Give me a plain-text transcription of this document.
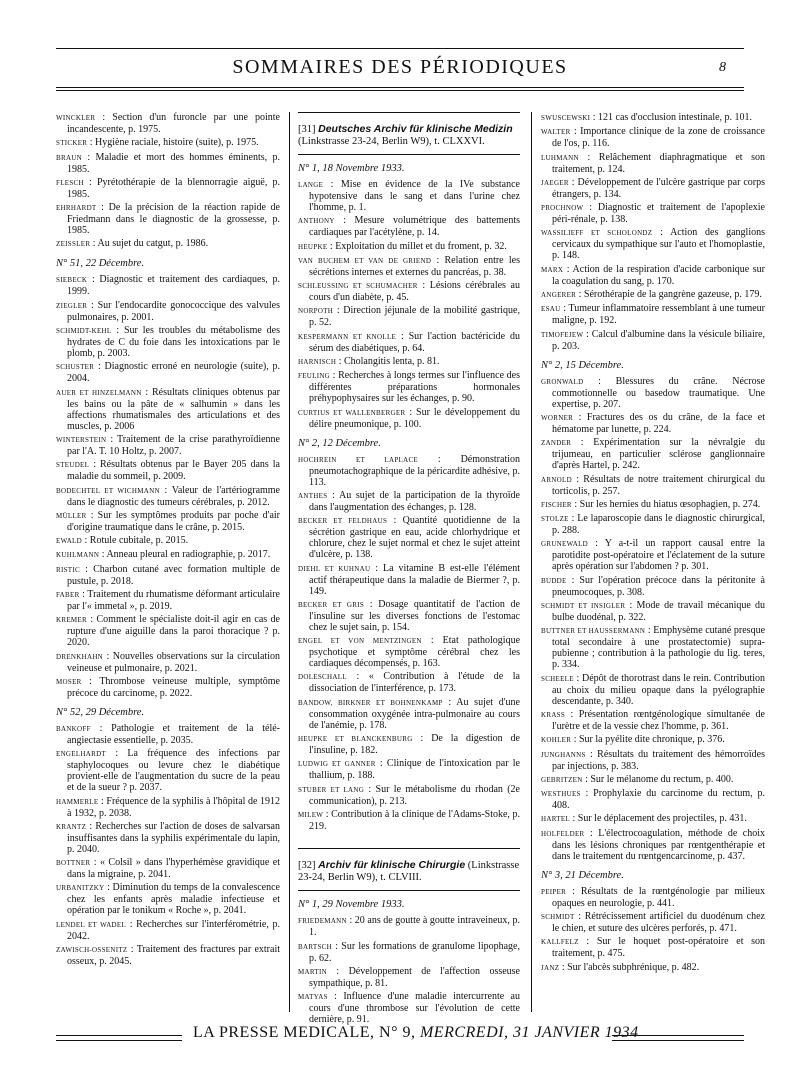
SOMMAIRES DES PÉRIODIQUES	8
WINCKLER : Section d'un furoncle par une pointe incandescente, p. 1975.
STICKER : Hygiène raciale, histoire (suite), p. 1975.
BRAUN : Maladie et mort des hommes éminents, p. 1985.
FLESCH : Pyrétothérapie de la blennorragie aiguë, p. 1985.
EHRHARDT : De la précision de la réaction rapide de Friedmann dans le diagnostic de la grossesse, p. 1985.
ZEISSLER : Au sujet du catgut, p. 1986.
N° 51, 22 Décembre.
SIEBECK : Diagnostic et traitement des cardiaques, p. 1999.
ZIEGLER : Sur l'endocardite gonococcique des valvules pulmonaires, p. 2001.
SCHMIDT-KEHL : Sur les troubles du métabolisme des hydrates de C du foie dans les intoxications par le plomb, p. 2003.
SCHUSTER : Diagnostic erroné en neurologie (suite), p. 2004.
AUER ET HINZELMANN : Résultats cliniques obtenus par les bains ou la pâte de « salhumin » dans les affections rhumatismales des articulations et des muscles, p. 2006
WINTERSTEIN : Traitement de la crise parathyroïdienne par l'A. T. 10 Holtz, p. 2007.
STEUDEL : Résultats obtenus par le Bayer 205 dans la maladie du sommeil, p. 2009.
BODECHTEL ET WICHMANN : Valeur de l'artériogramme dans le diagnostic des tumeurs cérébrales, p. 2012.
MÜLLER : Sur les symptômes produits par poche d'air d'origine traumatique dans le crâne, p. 2015.
EWALD : Rotule cubitale, p. 2015.
KUHLMANN : Anneau pleural en radiographie, p. 2017.
RISTIC : Charbon cutané avec formation multiple de pustule, p. 2018.
FABER : Traitement du rhumatisme déformant articulaire par l'« immetal », p. 2019.
KREMER : Comment le spécialiste doit-il agir en cas de rupture d'une aiguille dans la paroi thoracique ? p. 2020.
DRENKHAHN : Nouvelles observations sur la circulation veineuse et pulmonaire, p. 2021.
MOSER : Thrombose veineuse multiple, symptôme précoce du carcinome, p. 2022.
N° 52, 29 Décembre.
BANKOFF : Pathologie et traitement de la télé-angiectasie essentielle, p. 2035.
ENGELHARDT : La fréquence des infections par staphylocoques ou levure chez le diabétique provient-elle de l'augmentation du sucre de la peau et de la sueur ? p. 2037.
HAMMERLE : Fréquence de la syphilis à l'hôpital de 1912 à 1932, p. 2038.
KRANTZ : Recherches sur l'action de doses de salvarsan insuffisantes dans la syphilis expérimentale du lapin, p. 2040.
BOTTNER : « Colsil » dans l'hyperhémèse gravidique et dans la migraine, p. 2041.
URBANITZKY : Diminution du temps de la convalescence chez les enfants après maladie infectieuse et opération par le tonikum « Roche », p. 2041.
LENDEL ET WADEL : Recherches sur l'interférométrie, p. 2042.
ZAWISCH-OSSENITZ : Traitement des fractures par extrait osseux, p. 2045.
[31] Deutsches Archiv für klinische Medizin (Linkstrasse 23-24, Berlin W9), t. CLXXVI.
N° 1, 18 Novembre 1933.
LANGE : Mise en évidence de la IVe substance hypotensive dans le sang et dans l'urine chez l'homme, p. 1.
ANTHONY : Mesure volumétrique des battements cardiaques par l'acétylène, p. 14.
HEUPKE : Exploitation du millet et du froment, p. 32.
VAN BUCHEM ET VAN DE GRIEND : Relation entre les sécrétions internes et externes du pancréas, p. 38.
SCHLEUSSING ET SCHUMACHER : Lésions cérébrales au cours d'un diabète, p. 45.
NORPOTH : Direction jéjunale de la mobilité gastrique, p. 52.
KESPERMANN ET KNOLLE : Sur l'action bactéricide du sérum des diabétiques, p. 64.
HARNISCH : Cholangitis lenta, p. 81.
FEULING : Recherches à longs termes sur l'influence des différentes préparations hormonales préhypophysaires sur les échanges, p. 90.
CURTIUS ET WALLENBERGER : Sur le développement du délire pneumonique, p. 100.
N° 2, 12 Décembre.
HOCHREIN ET LAPLACE : Démonstration pneumotachographique de la péricardite adhésive, p. 113.
ANTHES : Au sujet de la participation de la thyroïde dans l'augmentation des échanges, p. 128.
BECKER ET FELDHAUS : Quantité quotidienne de la sécrétion gastrique en eau, acide chlorhydrique et chlorure, chez le sujet normal et chez le sujet atteint d'ulcère, p. 138.
DIEHL ET KUHNAU : La vitamine B est-elle l'élément actif thérapeutique dans la maladie de Biermer ?, p. 149.
BECKER ET GRIS : Dosage quantitatif de l'action de l'insuline sur les diverses fonctions de l'estomac chez le sujet sain, p. 154.
ENGEL ET VON MENTZINGEN : Etat pathologique psychotique et symptôme cérébral chez les cardiaques décompensés, p. 163.
DOLESCHALL : « Contribution à l'étude de la dissociation de l'interférence, p. 173.
BANDOW, BIRKNER ET BOHNENKAMP : Au sujet d'une consommation oxygénée intra-pulmonaire au cours de l'anémie, p. 178.
HEUPKE ET BLANCKENBURG : De la digestion de l'insuline, p. 182.
LUDWIG ET GANNER : Clinique de l'intoxication par le thallium, p. 188.
STUBER ET LANG : Sur le métabolisme du rhodan (2e communication), p. 213.
MILEW : Contribution à la clinique de l'Adams-Stoke, p. 219.
[32] Archiv für klinische Chirurgie (Linkstrasse 23-24, Berlin W9), t. CLVIII.
N° 1, 29 Novembre 1933.
FRIEDEMANN : 20 ans de goutte à goutte intraveineux, p. 1.
BARTSCH : Sur les formations de granulome lipophage, p. 62.
MARTIN : Développement de l'affection osseuse sympathique, p. 81.
MATYAS : Influence d'une maladie intercurrente au cours d'une thrombose sur l'évolution de cette dernière, p. 91.
SWUSCEWSKI : 121 cas d'occlusion intestinale, p. 101.
WALTER : Importance clinique de la zone de croissance de l'os, p. 116.
LUHMANN : Relâchement diaphragmatique et son traitement, p. 124.
JAEGER : Développement de l'ulcère gastrique par corps étrangers, p. 134.
PROCHNOW : Diagnostic et traitement de l'apoplexie péri-rénale, p. 138.
WASSILIEFF ET SCHOLONDZ : Action des ganglions cervicaux du sympathique sur l'auto et l'homoplastie, p. 148.
MARX : Action de la respiration d'acide carbonique sur la coagulation du sang, p. 170.
ANGERER : Sérothérapie de la gangrène gazeuse, p. 179.
ESAU : Tumeur inflammatoire ressemblant à une tumeur maligne, p. 192.
TIMOFEJEW : Calcul d'albumine dans la vésicule biliaire, p. 203.
N° 2, 15 Décembre.
GRONWALD : Blessures du crâne. Nécrose commotionnelle ou basedow traumatique. Une expertise, p. 207.
WORNER : Fractures des os du crâne, de la face et hématome par lunette, p. 224.
ZANDER : Expérimentation sur la névralgie du trijumeau, en particulier sclérose ganglionnaire d'après Hartel, p. 242.
ARNOLD : Résultats de notre traitement chirurgical du torticolis, p. 257.
FISCHER : Sur les hernies du hiatus œsophagien, p. 274.
STOLZE : Le laparoscopie dans le diagnostic chirurgical, p. 288.
GRUNEWALD : Y a-t-il un rapport causal entre la parotidite post-opératoire et l'éclatement de la suture après opération sur l'abdomen ? p. 301.
BUDDE : Sur l'opération précoce dans la péritonite à pneumocoques, p. 308.
SCHMIDT ET INSIGLER : Mode de travail mécanique du bulbe duodénal, p. 322.
BUTTNER ET HAUSSERMANN : Emphysème cutané presque total secondaire à une prostatectomie) supra-pubienne ; contribution à la pathologie du lig. teres, p. 334.
SCHEELE : Dépôt de thorotrast dans le rein. Contribution au choix du milieu opaque dans la pyélographie descendante, p. 340.
KRASS : Présentation rœntgénologique simultanée de l'urètre et de la vessie chez l'homme, p. 361.
KOHLER : Sur la pyélite dite chronique, p. 376.
JUNGHANNS : Résultats du traitement des hémorroïdes par injections, p. 383.
GEBRITZEN : Sur le mélanome du rectum, p. 400.
WESTHUES : Prophylaxie du carcinome du rectum, p. 408.
HARTEL : Sur le déplacement des projectiles, p. 431.
HOLFELDER : L'électrocoagulation, méthode de choix dans les lésions chroniques par rœntgenthérapie et dans le traitement du rœntgencarcinome, p. 437.
N° 3, 21 Décembre.
PEIPER : Résultats de la rœntgénologie par milieux opaques en neurologie, p. 441.
SCHMIDT : Rétrécissement artificiel du duodénum chez le chien, et suture des ulcères perforés, p. 471.
KALLFELZ : Sur le hoquet post-opératoire et son traitement, p. 475.
JANZ : Sur l'abcès subphrénique, p. 482.
LA PRESSE MEDICALE, N° 9, MERCREDI, 31 JANVIER 1934
